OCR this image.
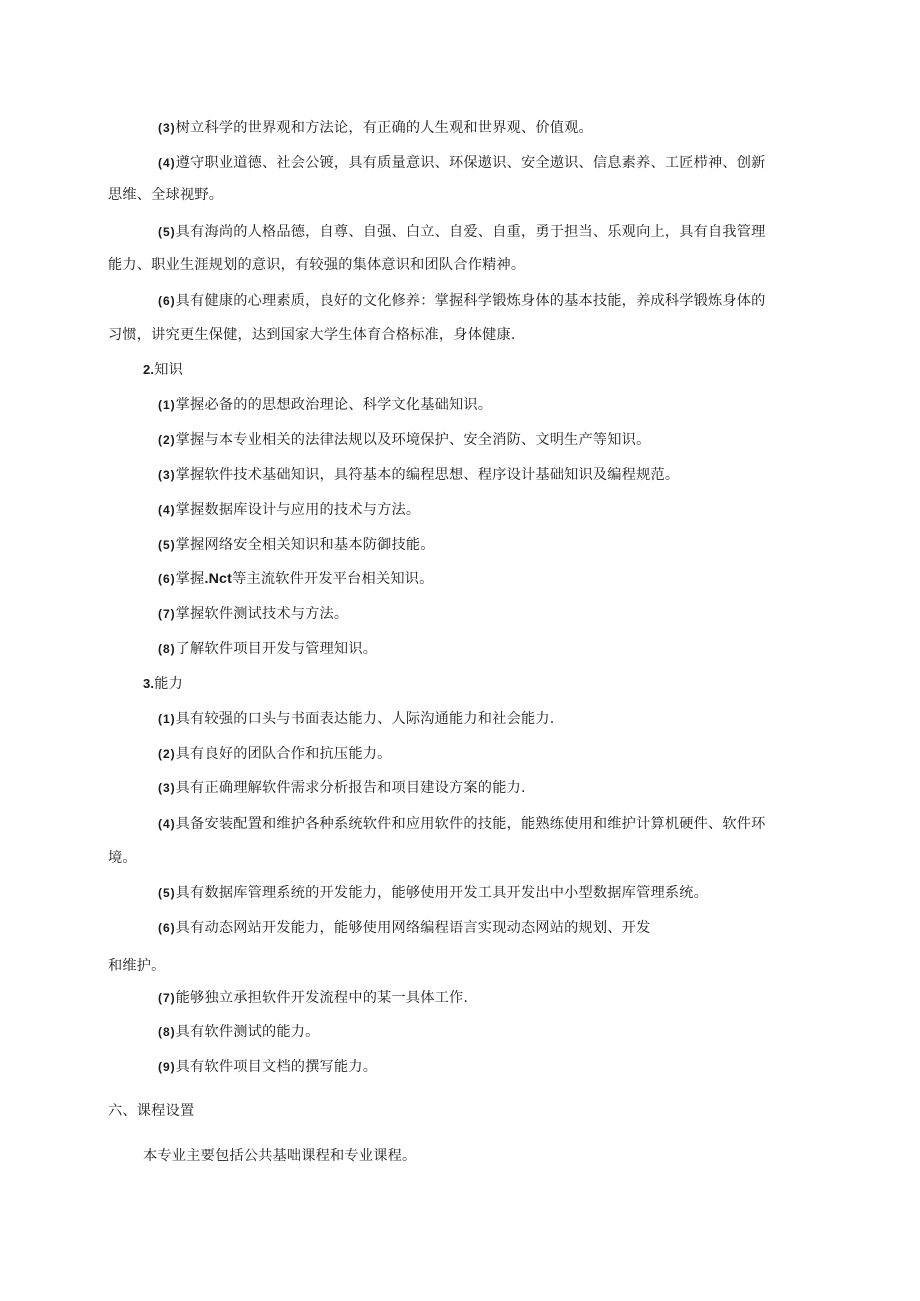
(3)树立科学的世界观和方法论，有正确的人生观和世界观、价值观。
(4)遵守职业道德、社会公镀，具有质量意识、环保遨识、安全遨识、信息素养、工匠栉神、创新
思维、全球视野。
(5)具有海尚的人格品德，自尊、自强、白立、自爱、自重，勇于担当、乐观向上，具有自我管理
能力、职业生涯规划的意识，有较强的集体意识和团队合作精神。
(6)具有健康的心理素质，良好的文化修养：掌握科学锻炼身体的基本技能，养成科学锻炼身体的
习惯，讲究更生保健，达到国家大学生体育合格标准，身体健康.
2.知识
(1)掌握必备的的思想政治理论、科学文化基础知识。
(2)掌握与本专业相关的法律法规以及环境保护、安全消防、文明生产等知识。
(3)掌握软件技术基础知识，具符基本的编程思想、程序设计基础知识及编程规范。
(4)掌握数据库设计与应用的技术与方法。
(5)掌握网络安全相关知识和基本防御技能。
(6)掌握.Nct等主流软件开发平台相关知识。
(7)掌握软件测试技术与方法。
(8)了解软件项目开发与管理知识。
3.能力
(1)具有较强的口头与书面表达能力、人际沟通能力和社会能力.
(2)具有良好的团队合作和抗压能力。
(3)具有正确理解软件需求分析报告和项目建设方案的能力.
(4)具备安装配置和维护各种系统软件和应用软件的技能，能熟练使用和维护计算机硬件、软件环
境。
(5)具有数据库管理系统的开发能力，能够使用开发工具开发出中小型数据库管理系统。
(6)具有动态网站开发能力，能够使用网络编程语言实现动态网站的规划、开发
和维护。
(7)能够独立承担软件开发流程中的某一具体工作.
(8)具有软件测试的能力。
(9)具有软件项目文档的撰写能力。
六、课程设置
本专业主要包括公共基咄课程和专业课程。
